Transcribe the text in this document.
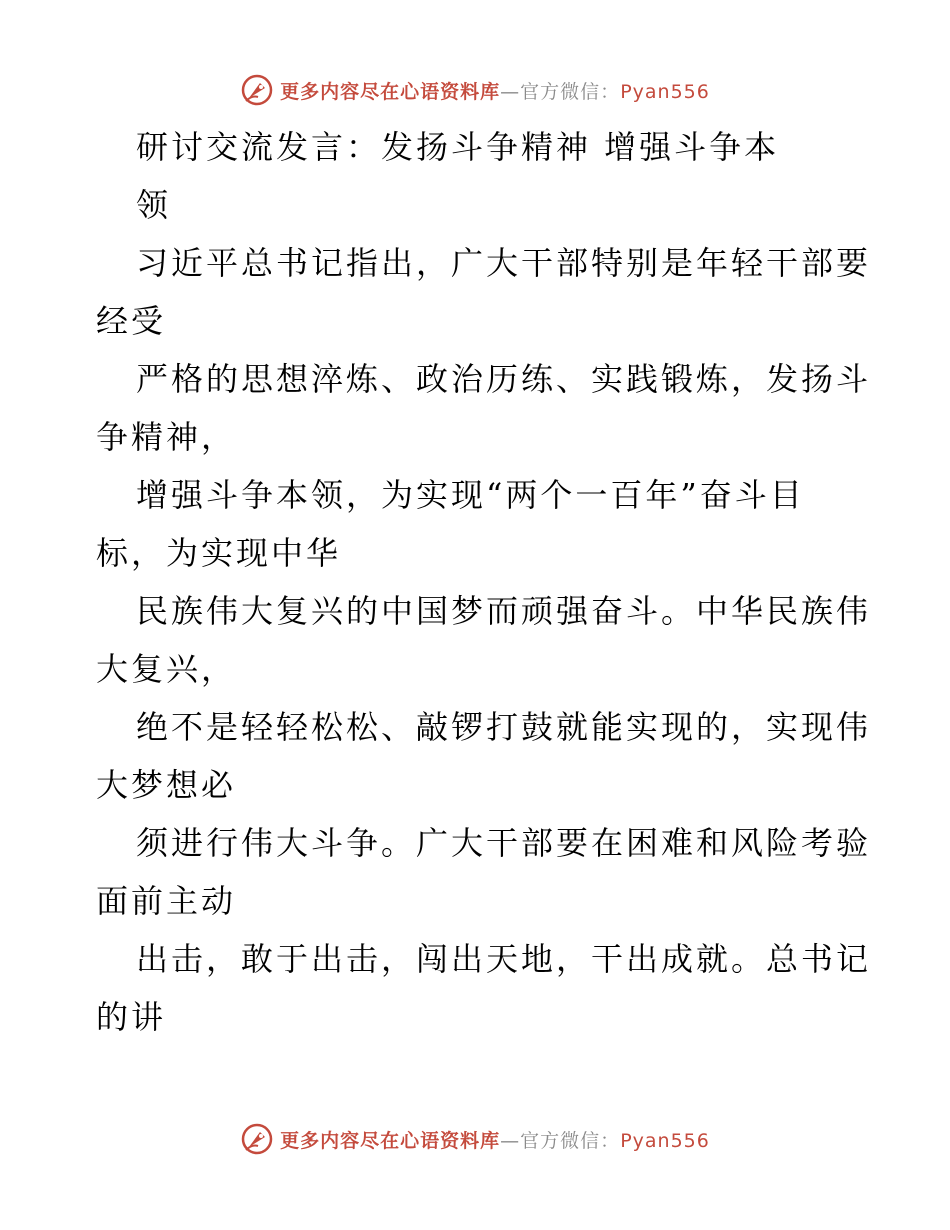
更多内容尽在心语资料库—官方微信：Pyan556
研讨交流发言：发扬斗争精神 增强斗争本
领
习近平总书记指出，广大干部特别是年轻干部要
经受
严格的思想淬炼、政治历练、实践锻炼，发扬斗
争精神，
增强斗争本领，为实现“两个一百年”奋斗目
标，为实现中华
民族伟大复兴的中国梦而顽强奋斗。中华民族伟
大复兴，
绝不是轻轻松松、敲锣打鼓就能实现的，实现伟
大梦想必
须进行伟大斗争。广大干部要在困难和风险考验
面前主动
出击，敢于出击，闯出天地，干出成就。总书记
的讲
更多内容尽在心语资料库—官方微信：Pyan556
